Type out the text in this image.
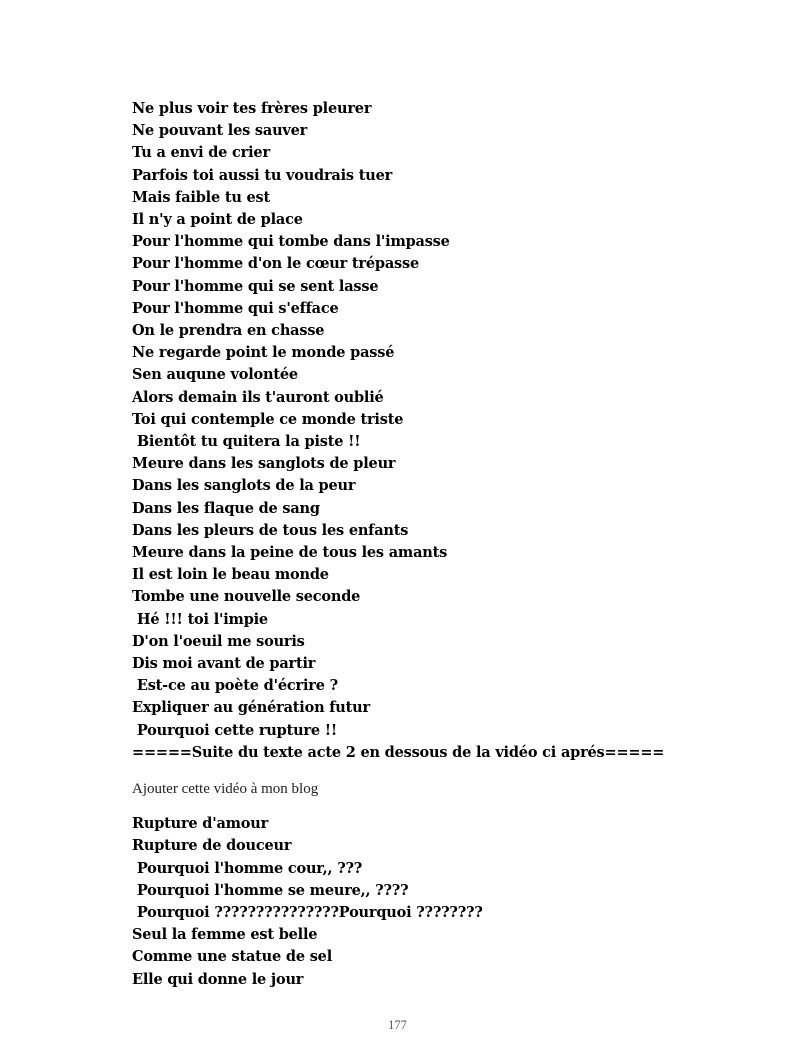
Ne plus voir tes frères pleurer
Ne pouvant les sauver
Tu a envi de crier
Parfois toi aussi tu voudrais tuer
Mais faible tu est
Il n'y a point de place
Pour l'homme qui tombe dans l'impasse
Pour l'homme d'on le cœur trépasse
Pour l'homme qui se sent lasse
Pour l'homme qui s'efface
On le prendra en chasse
Ne regarde point le monde passé
Sen auqune volontée
Alors demain ils t'auront oublié
Toi qui contemple ce monde triste
Bientôt tu quitera la piste !!
Meure dans les sanglots de pleur
Dans les sanglots de la peur
Dans les flaque de sang
Dans les pleurs de tous les enfants
Meure dans la peine de tous les amants
Il est loin le beau monde
Tombe une nouvelle seconde
Hé !!! toi l'impie
D'on l'oeuil me souris
Dis moi avant de partir
Est-ce au poète d'écrire ?
Expliquer au génération futur
Pourquoi cette rupture !!
=====Suite du texte acte 2 en dessous de la vidéo ci aprés=====
Ajouter cette vidéo à mon blog
Rupture d'amour
Rupture de douceur
Pourquoi l'homme cour,, ???
Pourquoi l'homme se meure,, ????
Pourquoi ???????????????Pourquoi ????????
Seul la femme est belle
Comme une statue de sel
Elle qui donne le jour
177
